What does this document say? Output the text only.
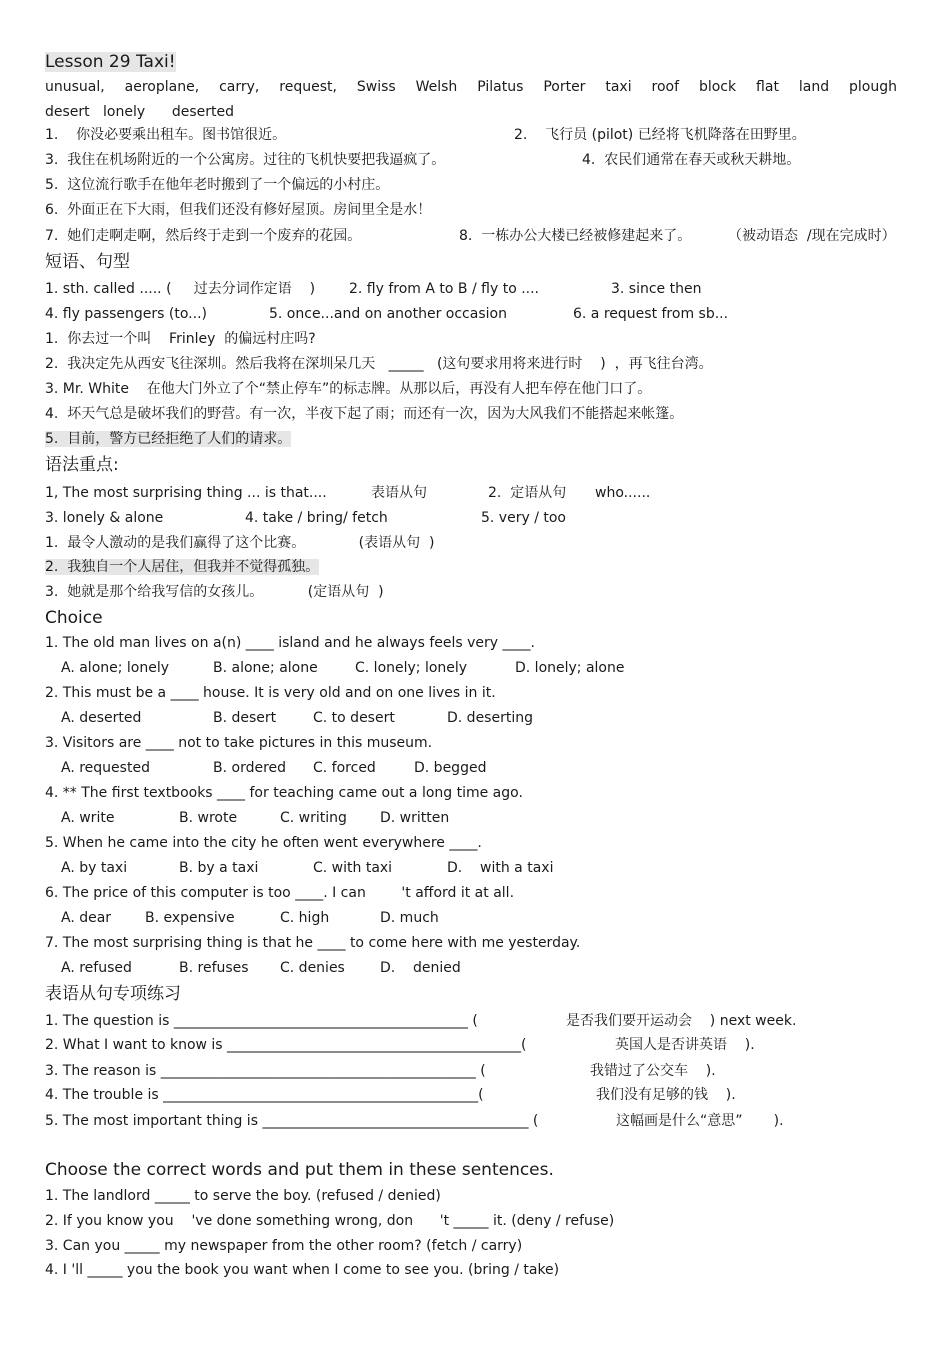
Lesson 29 Taxi!
unusual, aeroplane, carry, request, Swiss Welsh Pilatus Porter taxi roof block flat land plough
desert   lonely      deserted
1.    你没必要乘出租车。图书馆很近。	2.    飞行员 (pilot) 已经将飞机降落在田野里。
3.  我住在机场附近的一个公寓房。过往的飞机快要把我逼疯了。	4.  农民们通常在春天或秋天耕地。
5.  这位流行歌手在他年老时搬到了一个偏远的小村庄。
6.  外面正在下大雨，但我们还没有修好屋顶。房间里全是水！
7.  她们走啊走啊，然后终于走到一个废弃的花园。	8.  一栋办公大楼已经被修建起来了。	（被动语态  /现在完成时）
短语、句型
1. sth. called ..... (     过去分词作定语    ) 2. fly from A to B / fly to ....	3. since then
4. fly passengers (to...)	5. once...and on another occasion	6. a request from sb...
1.  你去过一个叫    Frinley  的偏远村庄吗?
2.  我决定先从西安飞往深圳。然后我将在深圳呆几天   _____   (这句要求用将来进行时    )  ，再飞往台湾。
3. Mr. White    在他大门外立了个“禁止停车”的标志牌。从那以后，再没有人把车停在他门口了。
4.  坏天气总是破坏我们的野营。有一次，半夜下起了雨；而还有一次，因为大风我们不能搭起来帐篷。
5.  目前，警方已经拒绝了人们的请求。
语法重点:
1, The most surprising thing ... is that....	表语从句	2.  定语从句 who......
3. lonely & alone	4. take / bring/ fetch	5. very / too
1.  最令人激动的是我们赢得了这个比赛。            (表语从句  )
2.  我独自一个人居住，但我并不觉得孤独。
3.  她就是那个给我写信的女孩儿。          (定语从句  )
Choice
1. The old man lives on a(n) ____ island and he always feels very ____.
A. alone; lonely	B. alone; alone	C. lonely; lonely	D. lonely; alone
2. This must be a ____ house. It is very old and on one lives in it.
A. deserted	B. desert	C. to desert	D. deserting
3. Visitors are ____ not to take pictures in this museum.
A. requested	B. ordered C. forced	D. begged
4. ** The first textbooks ____ for teaching came out a long time ago.
A. write	B. wrote	C. writing D. written
5. When he came into the city he often went everywhere ____.
A. by taxi	B. by a taxi	C. with taxi	D.    with a taxi
6. The price of this computer is too ____. I can        't afford it at all.
A. dear B. expensive	C. high	D. much
7. The most surprising thing is that he ____ to come here with me yesterday.
A. refused	B. refuses C. denies	D.    denied
表语从句专项练习
1. The question is __________________________________________ (	是否我们要开运动会    ) next week.
2. What I want to know is __________________________________________(	英国人是否讲英语    ).
3. The reason is _____________________________________________ (	我错过了公交车    ).
4. The trouble is _____________________________________________(	我们没有足够的钱    ).
5. The most important thing is ______________________________________ (	这幅画是什么“意思”       ).
Choose the correct words and put them in these sentences.
1. The landlord _____ to serve the boy. (refused / denied)
2. If you know you    've done something wrong, don      't _____ it. (deny / refuse)
3. Can you _____ my newspaper from the other room? (fetch / carry)
4. I 'll _____ you the book you want when I come to see you. (bring / take)
